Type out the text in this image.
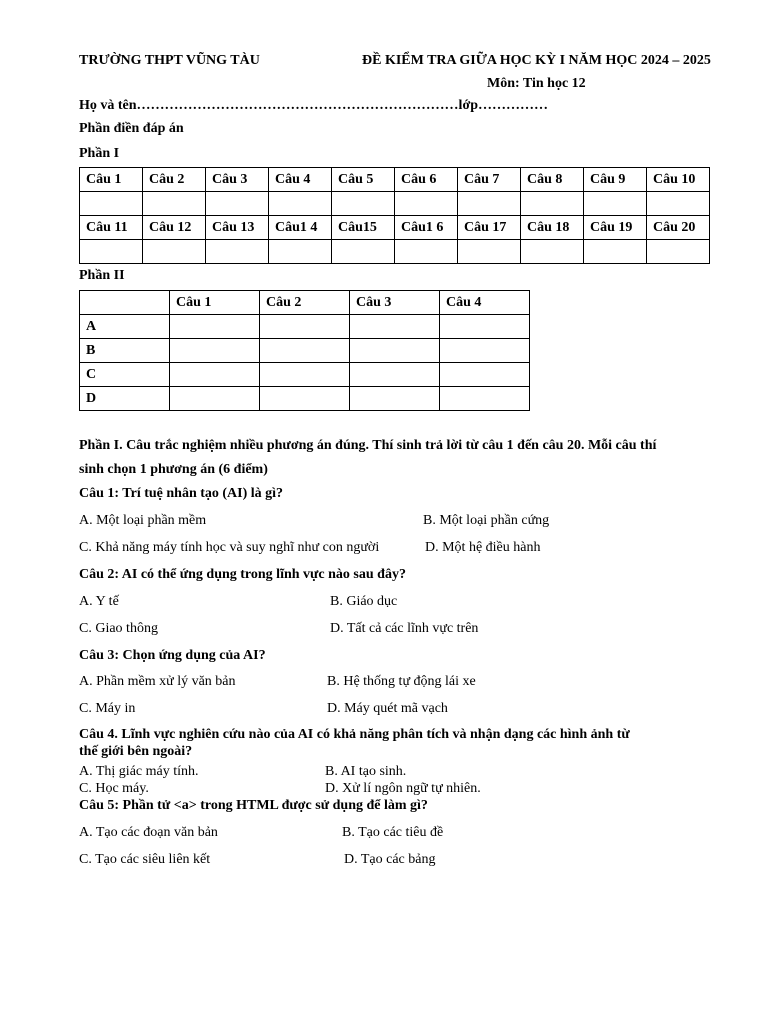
TRƯỜNG THPT VŨNG TÀU	ĐỀ KIỂM TRA GIỮA HỌC KỲ I NĂM HỌC 2024 – 2025
Môn: Tin học 12
Họ và tên……………………………………………………………lớp……………
Phần điền đáp án
Phần I
Câu 1	Câu 2	Câu 3	Câu 4	Câu 5	Câu 6	Câu 7	Câu 8	Câu 9	Câu 10

Câu 11	Câu 12	Câu 13	Câu1 4	Câu15	Câu1 6	Câu 17	Câu 18	Câu 19	Câu 20

Phần II
	Câu 1	Câu 2	Câu 3	Câu 4
A				
B				
C				
D				
Phần I. Câu trắc nghiệm nhiều phương án đúng. Thí sinh trả lời từ câu 1 đến câu 20. Mỗi câu thí
sinh chọn 1 phương án (6 điểm)
Câu 1: Trí tuệ nhân tạo (AI) là gì?
A. Một loại phần mềm	B. Một loại phần cứng
C. Khả năng máy tính học và suy nghĩ như con người	D. Một hệ điều hành
Câu 2: AI có thể ứng dụng trong lĩnh vực nào sau đây?
A. Y tế	B. Giáo dục
C. Giao thông	D. Tất cả các lĩnh vực trên
Câu 3: Chọn ứng dụng của AI?
A. Phần mềm xử lý văn bản	B. Hệ thống tự động lái xe
C. Máy in	D. Máy quét mã vạch
Câu 4. Lĩnh vực nghiên cứu nào của AI có khả năng phân tích và nhận dạng các hình ảnh từ
thế giới bên ngoài?
A. Thị giác máy tính.	B. AI tạo sinh.
C. Học máy.	D. Xử lí ngôn ngữ tự nhiên.
Câu 5: Phần tử <a> trong HTML được sử dụng để làm gì?
A. Tạo các đoạn văn bản	B. Tạo các tiêu đề
C. Tạo các siêu liên kết	D. Tạo các bảng
